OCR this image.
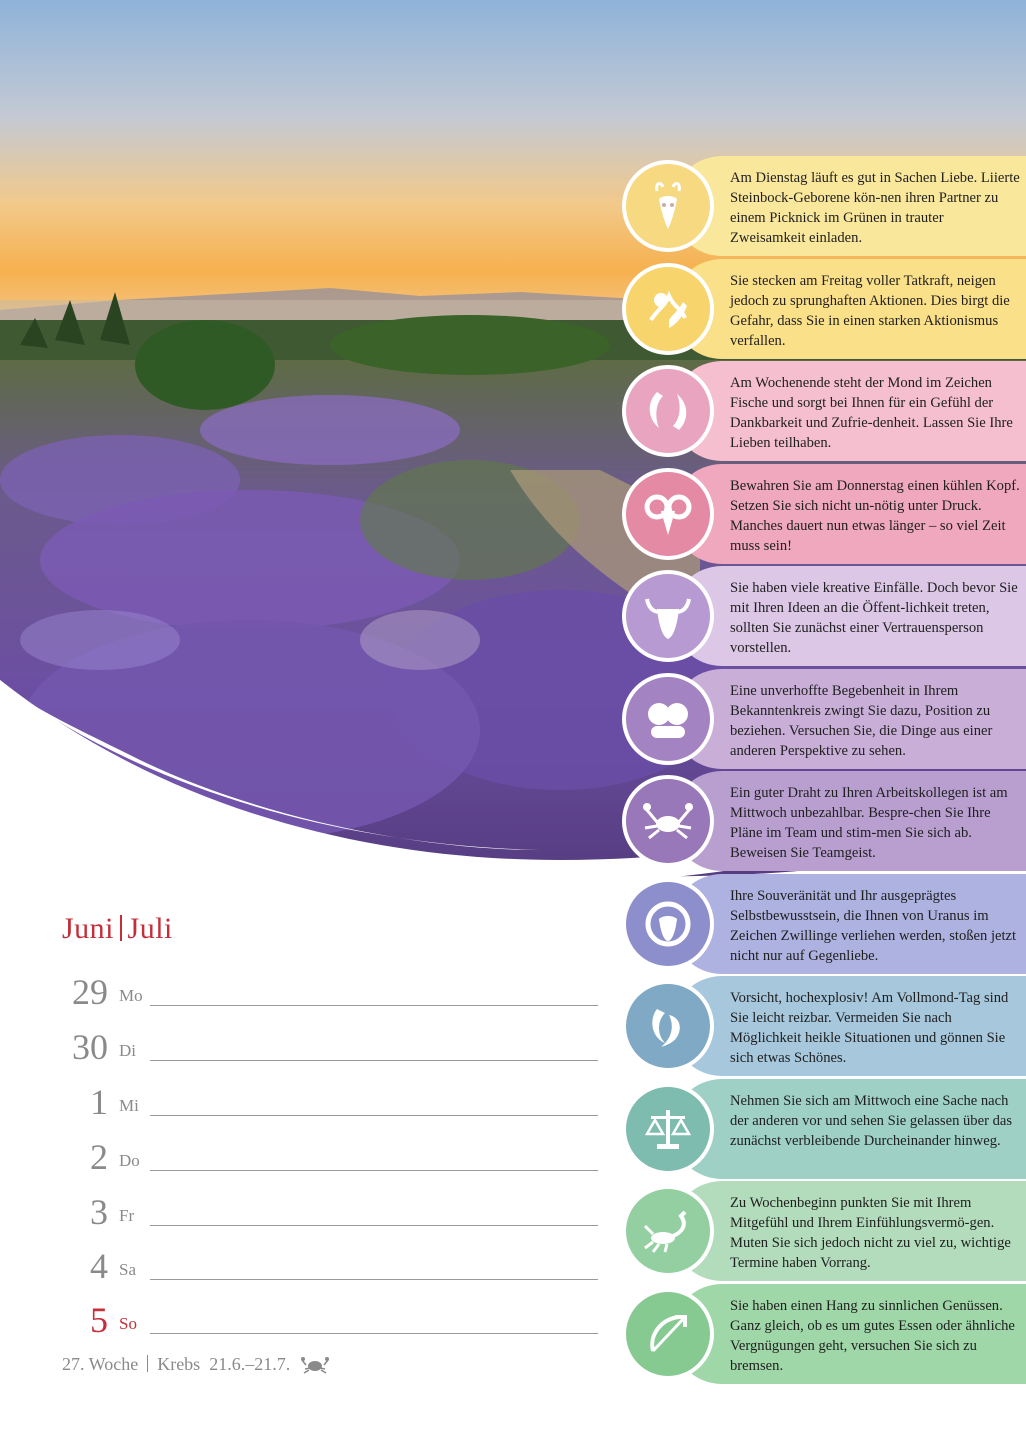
Am Dienstag läuft es gut in Sachen Liebe. Liierte Steinbock-Geborene kön-nen ihren Partner zu einem Picknick im Grünen in trauter Zweisamkeit einladen.
Sie stecken am Freitag voller Tatkraft, neigen jedoch zu sprunghaften Aktionen. Dies birgt die Gefahr, dass Sie in einen starken Aktionismus verfallen.
Am Wochenende steht der Mond im Zeichen Fische und sorgt bei Ihnen für ein Gefühl der Dankbarkeit und Zufrie-denheit. Lassen Sie Ihre Lieben teilhaben.
Bewahren Sie am Donnerstag einen kühlen Kopf. Setzen Sie sich nicht un-nötig unter Druck. Manches dauert nun etwas länger – so viel Zeit muss sein!
Sie haben viele kreative Einfälle. Doch bevor Sie mit Ihren Ideen an die Öffent-lichkeit treten, sollten Sie zunächst einer Vertrauensperson vorstellen.
Eine unverhoffte Begebenheit in Ihrem Bekanntenkreis zwingt Sie dazu, Position zu beziehen. Versuchen Sie, die Dinge aus einer anderen Perspektive zu sehen.
Ein guter Draht zu Ihren Arbeitskollegen ist am Mittwoch unbezahlbar. Bespre-chen Sie Ihre Pläne im Team und stim-men Sie sich ab. Beweisen Sie Teamgeist.
Ihre Souveränität und Ihr ausgeprägtes Selbstbewusstsein, die Ihnen von Uranus im Zeichen Zwillinge verliehen werden, stoßen jetzt nicht nur auf Gegenliebe.
Vorsicht, hochexplosiv! Am Vollmond-Tag sind Sie leicht reizbar. Vermeiden Sie nach Möglichkeit heikle Situationen und gönnen Sie sich etwas Schönes.
Nehmen Sie sich am Mittwoch eine Sache nach der anderen vor und sehen Sie gelassen über das zunächst verbleibende Durcheinander hinweg.
Zu Wochenbeginn punkten Sie mit Ihrem Mitgefühl und Ihrem Einfühlungsvermö-gen. Muten Sie sich jedoch nicht zu viel zu, wichtige Termine haben Vorrang.
Sie haben einen Hang zu sinnlichen Genüssen. Ganz gleich, ob es um gutes Essen oder ähnliche Vergnügungen geht, versuchen Sie sich zu bremsen.
Juni Juli
29 Mo
30 Di
1 Mi
2 Do
3 Fr
4 Sa
5 So
27. Woche Krebs 21.6.–21.7.
